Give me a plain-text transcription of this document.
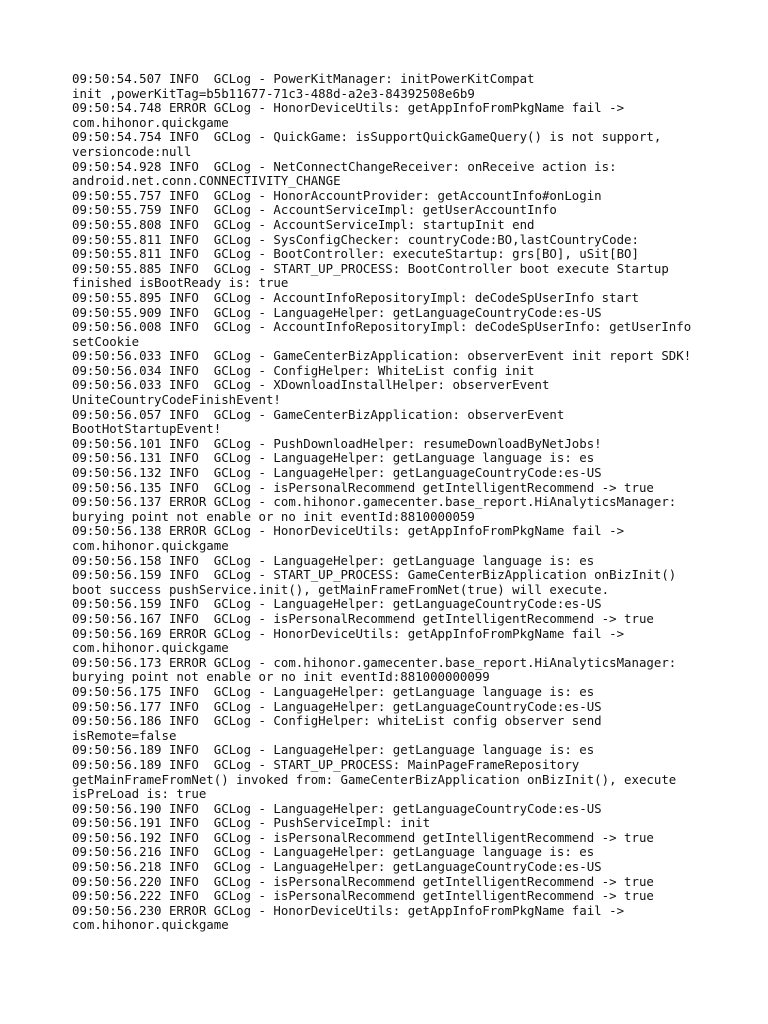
09:50:54.507 INFO  GCLog - PowerKitManager: initPowerKitCompat
init ,powerKitTag=b5b11677-71c3-488d-a2e3-84392508e6b9
09:50:54.748 ERROR GCLog - HonorDeviceUtils: getAppInfoFromPkgName fail ->
com.hihonor.quickgame
09:50:54.754 INFO  GCLog - QuickGame: isSupportQuickGameQuery() is not support,
versioncode:null
09:50:54.928 INFO  GCLog - NetConnectChangeReceiver: onReceive action is:
android.net.conn.CONNECTIVITY_CHANGE
09:50:55.757 INFO  GCLog - HonorAccountProvider: getAccountInfo#onLogin
09:50:55.759 INFO  GCLog - AccountServiceImpl: getUserAccountInfo
09:50:55.808 INFO  GCLog - AccountServiceImpl: startupInit end
09:50:55.811 INFO  GCLog - SysConfigChecker: countryCode:BO,lastCountryCode:
09:50:55.811 INFO  GCLog - BootController: executeStartup: grs[BO], uSit[BO]
09:50:55.885 INFO  GCLog - START_UP_PROCESS: BootController boot execute Startup
finished isBootReady is: true
09:50:55.895 INFO  GCLog - AccountInfoRepositoryImpl: deCodeSpUserInfo start
09:50:55.909 INFO  GCLog - LanguageHelper: getLanguageCountryCode:es-US
09:50:56.008 INFO  GCLog - AccountInfoRepositoryImpl: deCodeSpUserInfo: getUserInfo
setCookie
09:50:56.033 INFO  GCLog - GameCenterBizApplication: observerEvent init report SDK!
09:50:56.034 INFO  GCLog - ConfigHelper: WhiteList config init
09:50:56.033 INFO  GCLog - XDownloadInstallHelper: observerEvent
UniteCountryCodeFinishEvent!
09:50:56.057 INFO  GCLog - GameCenterBizApplication: observerEvent
BootHotStartupEvent!
09:50:56.101 INFO  GCLog - PushDownloadHelper: resumeDownloadByNetJobs!
09:50:56.131 INFO  GCLog - LanguageHelper: getLanguage language is: es
09:50:56.132 INFO  GCLog - LanguageHelper: getLanguageCountryCode:es-US
09:50:56.135 INFO  GCLog - isPersonalRecommend getIntelligentRecommend -> true
09:50:56.137 ERROR GCLog - com.hihonor.gamecenter.base_report.HiAnalyticsManager:
burying point not enable or no init eventId:8810000059
09:50:56.138 ERROR GCLog - HonorDeviceUtils: getAppInfoFromPkgName fail ->
com.hihonor.quickgame
09:50:56.158 INFO  GCLog - LanguageHelper: getLanguage language is: es
09:50:56.159 INFO  GCLog - START_UP_PROCESS: GameCenterBizApplication onBizInit()
boot success pushService.init(), getMainFrameFromNet(true) will execute.
09:50:56.159 INFO  GCLog - LanguageHelper: getLanguageCountryCode:es-US
09:50:56.167 INFO  GCLog - isPersonalRecommend getIntelligentRecommend -> true
09:50:56.169 ERROR GCLog - HonorDeviceUtils: getAppInfoFromPkgName fail ->
com.hihonor.quickgame
09:50:56.173 ERROR GCLog - com.hihonor.gamecenter.base_report.HiAnalyticsManager:
burying point not enable or no init eventId:881000000099
09:50:56.175 INFO  GCLog - LanguageHelper: getLanguage language is: es
09:50:56.177 INFO  GCLog - LanguageHelper: getLanguageCountryCode:es-US
09:50:56.186 INFO  GCLog - ConfigHelper: whiteList config observer send
isRemote=false
09:50:56.189 INFO  GCLog - LanguageHelper: getLanguage language is: es
09:50:56.189 INFO  GCLog - START_UP_PROCESS: MainPageFrameRepository
getMainFrameFromNet() invoked from: GameCenterBizApplication onBizInit(), execute
isPreLoad is: true
09:50:56.190 INFO  GCLog - LanguageHelper: getLanguageCountryCode:es-US
09:50:56.191 INFO  GCLog - PushServiceImpl: init
09:50:56.192 INFO  GCLog - isPersonalRecommend getIntelligentRecommend -> true
09:50:56.216 INFO  GCLog - LanguageHelper: getLanguage language is: es
09:50:56.218 INFO  GCLog - LanguageHelper: getLanguageCountryCode:es-US
09:50:56.220 INFO  GCLog - isPersonalRecommend getIntelligentRecommend -> true
09:50:56.222 INFO  GCLog - isPersonalRecommend getIntelligentRecommend -> true
09:50:56.230 ERROR GCLog - HonorDeviceUtils: getAppInfoFromPkgName fail ->
com.hihonor.quickgame
